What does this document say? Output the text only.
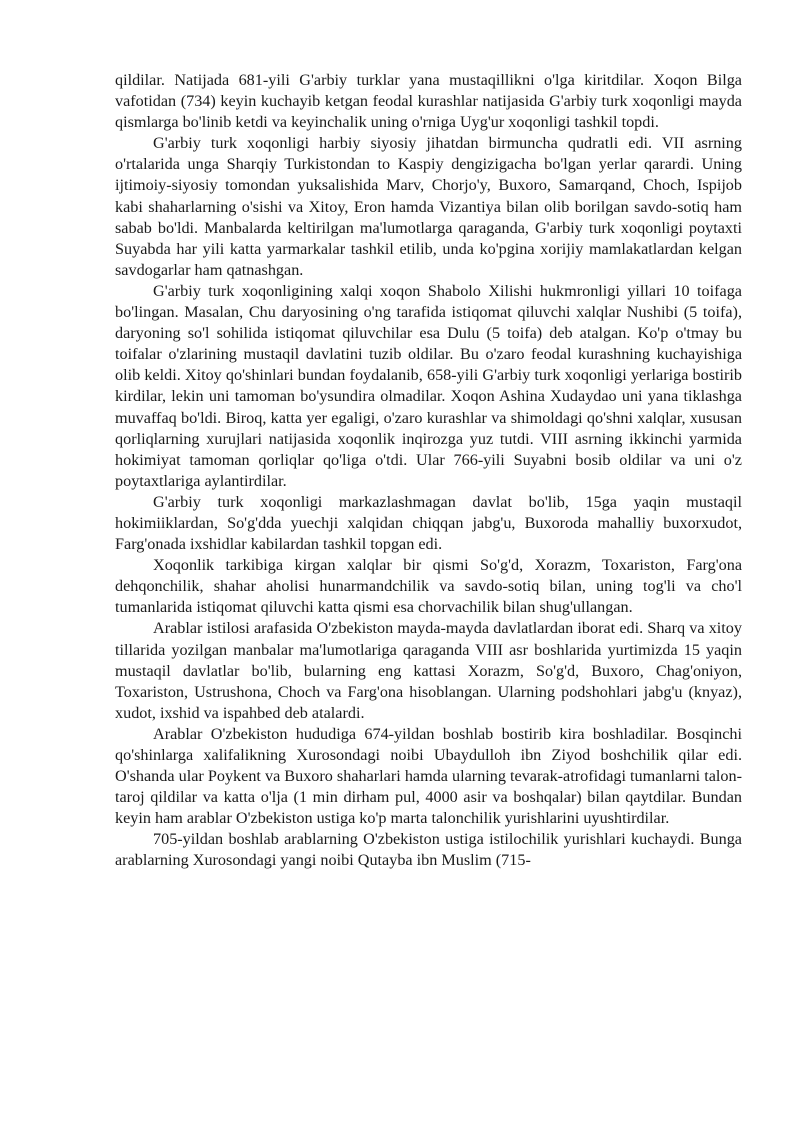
qildilar. Natijada 681-yili G'arbiy turklar yana mustaqillikni o'lga kiritdilar. Xoqon Bilga vafotidan (734) keyin kuchayib ketgan feodal kurashlar natijasida G'arbiy turk xoqonligi mayda qismlarga bo'linib ketdi va keyinchalik uning o'rniga Uyg'ur xoqonligi tashkil topdi.

G'arbiy turk xoqonligi harbiy siyosiy jihatdan birmuncha qudratli edi. VII asrning o'rtalarida unga Sharqiy Turkistondan to Kaspiy dengizigacha bo'lgan yerlar qarardi. Uning ijtimoiy-siyosiy tomondan yuksalishida Marv, Chorjo'y, Buxoro, Samarqand, Choch, Ispijob kabi shaharlarning o'sishi va Xitoy, Eron hamda Vizantiya bilan olib borilgan savdo-sotiq ham sabab bo'ldi. Manbalarda keltirilgan ma'lumotlarga qaraganda, G'arbiy turk xoqonligi poytaxti Suyabda har yili katta yarmarkalar tashkil etilib, unda ko'pgina xorijiy mamlakatlardan kelgan savdogarlar ham qatnashgan.

G'arbiy turk xoqonligining xalqi xoqon Shabolo Xilishi hukmronligi yillari 10 toifaga bo'lingan. Masalan, Chu daryosining o'ng tarafida istiqomat qiluvchi xalqlar Nushibi (5 toifa), daryoning so'l sohilida istiqomat qiluvchilar esa Dulu (5 toifa) deb atalgan. Ko'p o'tmay bu toifalar o'zlarining mustaqil davlatini tuzib oldilar. Bu o'zaro feodal kurashning kuchayishiga olib keldi. Xitoy qo'shinlari bundan foydalanib, 658-yili G'arbiy turk xoqonligi yerlariga bostirib kirdilar, lekin uni tamoman bo'ysundira olmadilar. Xoqon Ashina Xudaydao uni yana tiklashga muvaffaq bo'ldi. Biroq, katta yer egaligi, o'zaro kurashlar va shimoldagi qo'shni xalqlar, xususan qorliqlarning xurujlari natijasida xoqonlik inqirozga yuz tutdi. VIII asrning ikkinchi yarmida hokimiyat tamoman qorliqlar qo'liga o'tdi. Ular 766-yili Suyabni bosib oldilar va uni o'z poytaxtlariga aylantirdilar.

G'arbiy turk xoqonligi markazlashmagan davlat bo'lib, 15ga yaqin mustaqil hokimiiklardan, So'g'dda yuechji xalqidan chiqqan jabg'u, Buxoroda mahalliy buxorxudot, Farg'onada ixshidlar kabilardan tashkil topgan edi.

Xoqonlik tarkibiga kirgan xalqlar bir qismi So'g'd, Xorazm, Toxariston, Farg'ona dehqonchilik, shahar aholisi hunarmandchilik va savdo-sotiq bilan, uning tog'li va cho'l tumanlarida istiqomat qiluvchi katta qismi esa chorvachilik bilan shug'ullangan.

Arablar istilosi arafasida O'zbekiston mayda-mayda davlatlardan iborat edi. Sharq va xitoy tillarida yozilgan manbalar ma'lumotlariga qaraganda VIII asr boshlarida yurtimizda 15 yaqin mustaqil davlatlar bo'lib, bularning eng kattasi Xorazm, So'g'd, Buxoro, Chag'oniyon, Toxariston, Ustrushona, Choch va Farg'ona hisoblangan. Ularning podshohlari jabg'u (knyaz), xudot, ixshid va ispahbed deb atalardi.

Arablar O'zbekiston hududiga 674-yildan boshlab bostirib kira boshladilar. Bosqinchi qo'shinlarga xalifalikning Xurosondagi noibi Ubaydulloh ibn Ziyod boshchilik qilar edi. O'shanda ular Poykent va Buxoro shaharlari hamda ularning tevarak-atrofidagi tumanlarni talon-taroj qildilar va katta o'lja (1 min dirham pul, 4000 asir va boshqalar) bilan qaytdilar. Bundan keyin ham arablar O'zbekiston ustiga ko'p marta talonchilik yurishlarini uyushtirdilar.

705-yildan boshlab arablarning O'zbekiston ustiga istilochilik yurishlari kuchaydi. Bunga arablarning Xurosondagi yangi noibi Qutayba ibn Muslim (715-
